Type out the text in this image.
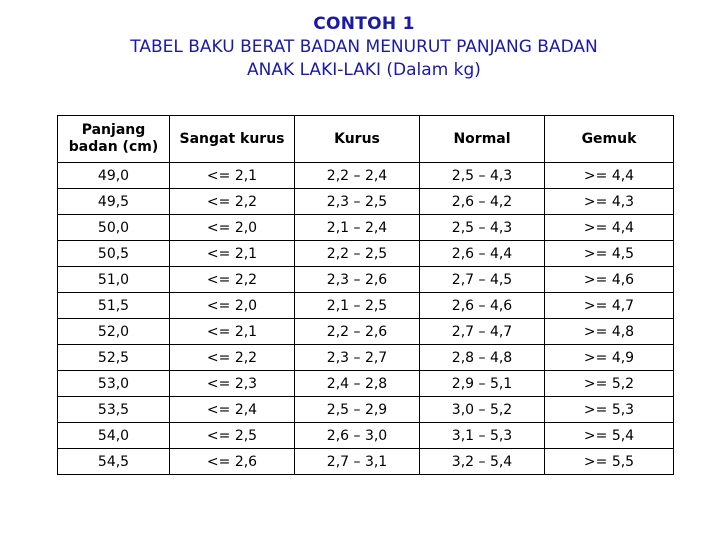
CONTOH 1
TABEL BAKU BERAT BADAN MENURUT PANJANG BADAN
ANAK LAKI-LAKI (Dalam kg)
Panjang badan (cm)	Sangat kurus	Kurus	Normal	Gemuk
49,0	<= 2,1	2,2 – 2,4	2,5 – 4,3	>= 4,4
49,5	<= 2,2	2,3 – 2,5	2,6 – 4,2	>= 4,3
50,0	<= 2,0	2,1 – 2,4	2,5 – 4,3	>= 4,4
50,5	<= 2,1	2,2 – 2,5	2,6 – 4,4	>= 4,5
51,0	<= 2,2	2,3 – 2,6	2,7 – 4,5	>= 4,6
51,5	<= 2,0	2,1 – 2,5	2,6 – 4,6	>= 4,7
52,0	<= 2,1	2,2 – 2,6	2,7 – 4,7	>= 4,8
52,5	<= 2,2	2,3 – 2,7	2,8 – 4,8	>= 4,9
53,0	<= 2,3	2,4 – 2,8	2,9 – 5,1	>= 5,2
53,5	<= 2,4	2,5 – 2,9	3,0 – 5,2	>= 5,3
54,0	<= 2,5	2,6 – 3,0	3,1 – 5,3	>= 5,4
54,5	<= 2,6	2,7 – 3,1	3,2 – 5,4	>= 5,5
